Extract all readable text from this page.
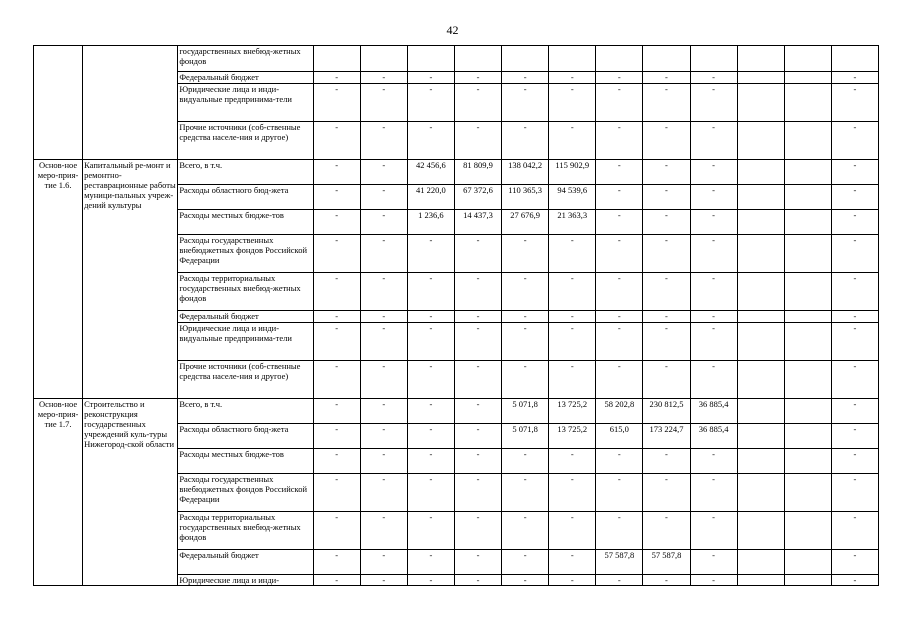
42
		государственных внебюд-жетных фондов												
		Федеральный бюджет	-	-	-	-	-	-	-	-	-			-
		Юридические лица и инди-видуальные предпринима-тели	-	-	-	-	-	-	-	-	-			-
		Прочие источники (соб-ственные средства населе-ния и другое)	-	-	-	-	-	-	-	-	-			-
Основ-ное меро-прия-тие 1.6.	Капитальный ре-монт и ремонтно-реставрационные работы муници-пальных учреж-дений культуры	Всего, в т.ч.	-	-	42 456,6	81 809,9	138 042,2	115 902,9	-	-	-			-
		Расходы областного бюд-жета	-	-	41 220,0	67 372,6	110 365,3	94 539,6	-	-	-			-
		Расходы местных бюдже-тов	-	-	1 236,6	14 437,3	27 676,9	21 363,3	-	-	-			-
		Расходы государственных внебюджетных фондов Российской Федерации	-	-	-	-	-	-	-	-	-			-
		Расходы территориальных государственных внебюд-жетных фондов	-	-	-	-	-	-	-	-	-			-
		Федеральный бюджет	-	-	-	-	-	-	-	-	-			-
		Юридические лица и инди-видуальные предпринима-тели	-	-	-	-	-	-	-	-	-			-
		Прочие источники (соб-ственные средства населе-ния и другое)	-	-	-	-	-	-	-	-	-			-
Основ-ное меро-прия-тие 1.7.	Строительство и реконструкция государственных учреждений куль-туры Нижегород-ской области	Всего, в т.ч.	-	-	-	-	5 071,8	13 725,2	58 202,8	230 812,5	36 885,4			-
		Расходы областного бюд-жета	-	-	-	-	5 071,8	13 725,2	615,0	173 224,7	36 885,4			-
		Расходы местных бюдже-тов	-	-	-	-	-	-	-	-	-			-
		Расходы государственных внебюджетных фондов Российской Федерации	-	-	-	-	-	-	-	-	-			-
		Расходы территориальных государственных внебюд-жетных фондов	-	-	-	-	-	-	-	-	-			-
		Федеральный бюджет	-	-	-	-	-	-	57 587,8	57 587,8	-			-
		Юридические лица и инди-	-	-	-	-	-	-	-	-	-			-
